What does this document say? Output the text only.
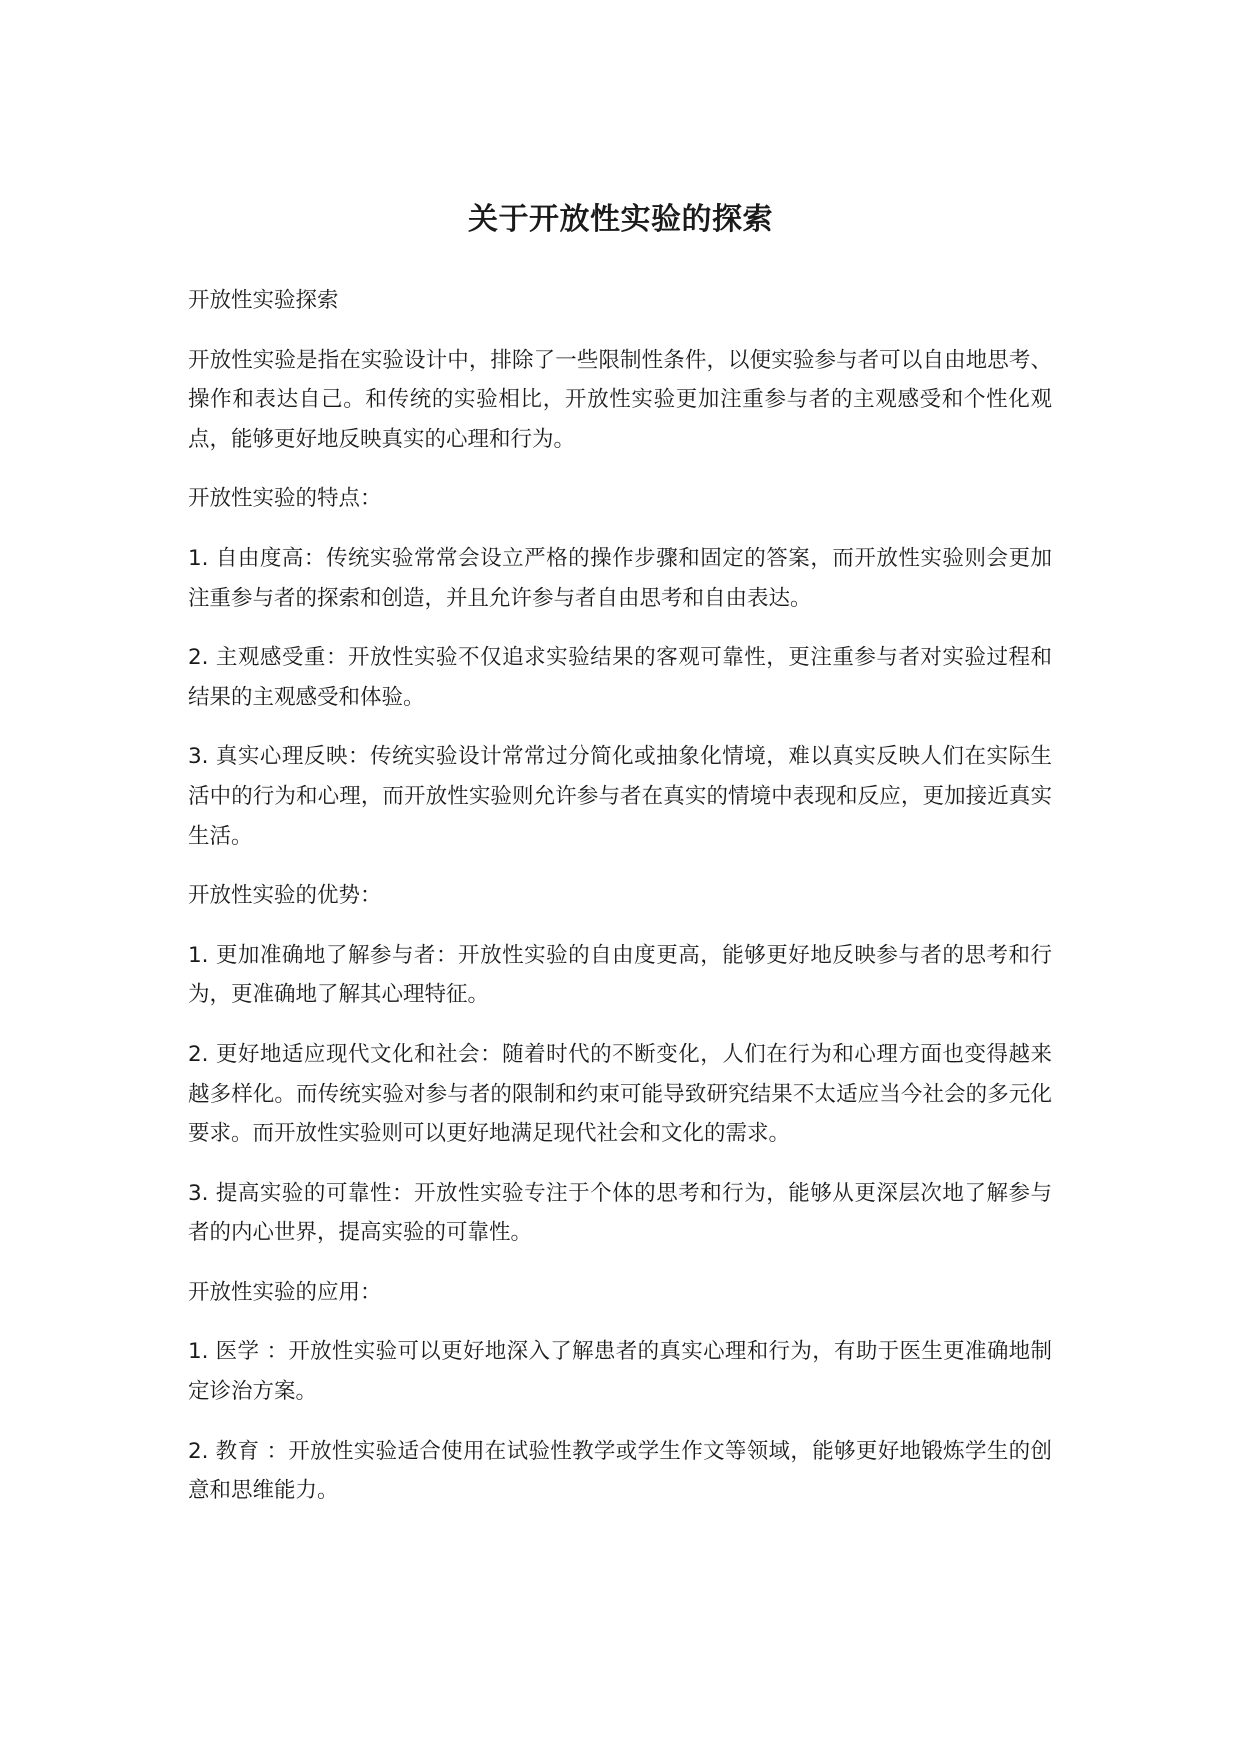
关于开放性实验的探索

开放性实验探索

开放性实验是指在实验设计中，排除了一些限制性条件，以便实验参与者可以自由地思考、操作和表达自己。和传统的实验相比，开放性实验更加注重参与者的主观感受和个性化观点，能够更好地反映真实的心理和行为。

开放性实验的特点：

1. 自由度高：传统实验常常会设立严格的操作步骤和固定的答案，而开放性实验则会更加注重参与者的探索和创造，并且允许参与者自由思考和自由表达。

2. 主观感受重：开放性实验不仅追求实验结果的客观可靠性，更注重参与者对实验过程和结果的主观感受和体验。

3. 真实心理反映：传统实验设计常常过分简化或抽象化情境，难以真实反映人们在实际生活中的行为和心理，而开放性实验则允许参与者在真实的情境中表现和反应，更加接近真实生活。

开放性实验的优势：

1. 更加准确地了解参与者：开放性实验的自由度更高，能够更好地反映参与者的思考和行为，更准确地了解其心理特征。

2. 更好地适应现代文化和社会：随着时代的不断变化，人们在行为和心理方面也变得越来越多样化。而传统实验对参与者的限制和约束可能导致研究结果不太适应当今社会的多元化要求。而开放性实验则可以更好地满足现代社会和文化的需求。

3. 提高实验的可靠性：开放性实验专注于个体的思考和行为，能够从更深层次地了解参与者的内心世界，提高实验的可靠性。

开放性实验的应用：

1. 医学 ：开放性实验可以更好地深入了解患者的真实心理和行为，有助于医生更准确地制定诊治方案。

2. 教育 ：开放性实验适合使用在试验性教学或学生作文等领域，能够更好地锻炼学生的创意和思维能力。
